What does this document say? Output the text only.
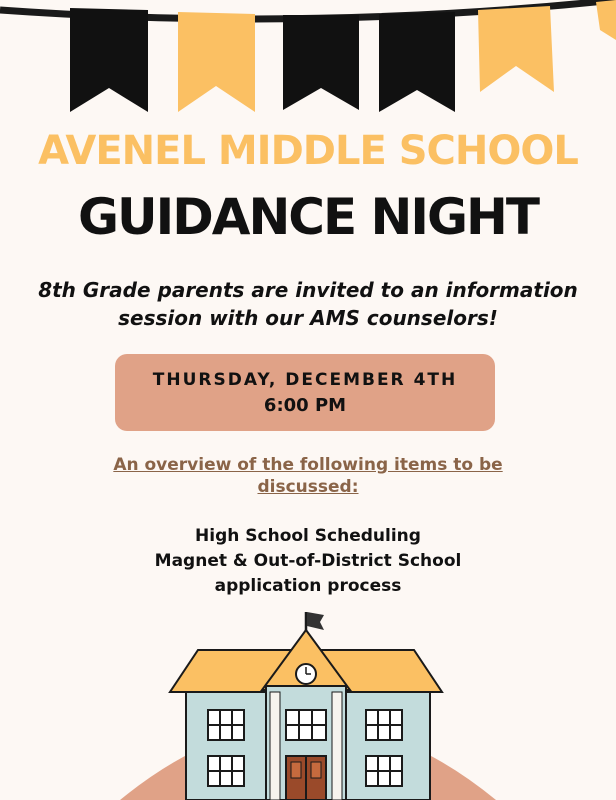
AVENEL MIDDLE SCHOOL
GUIDANCE NIGHT
8th Grade parents are invited to an information session with our AMS counselors!
THURSDAY, DECEMBER 4TH
6:00 PM
An overview of the following items to be discussed:
High School Scheduling
Magnet & Out-of-District School
application process
